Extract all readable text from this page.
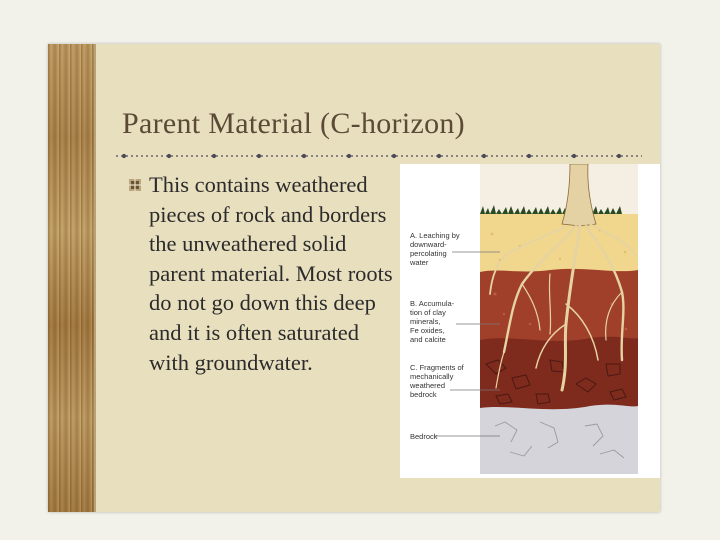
Parent Material (C-horizon)

This contains weathered pieces of rock and borders the unweathered solid parent material. Most roots do not go down this deep and it is often saturated with groundwater.

A. Leaching by downward- percolating water
B. Accumula- tion of clay minerals, Fe oxides, and calcite
C. Fragments of mechanically weathered bedrock
Bedrock
